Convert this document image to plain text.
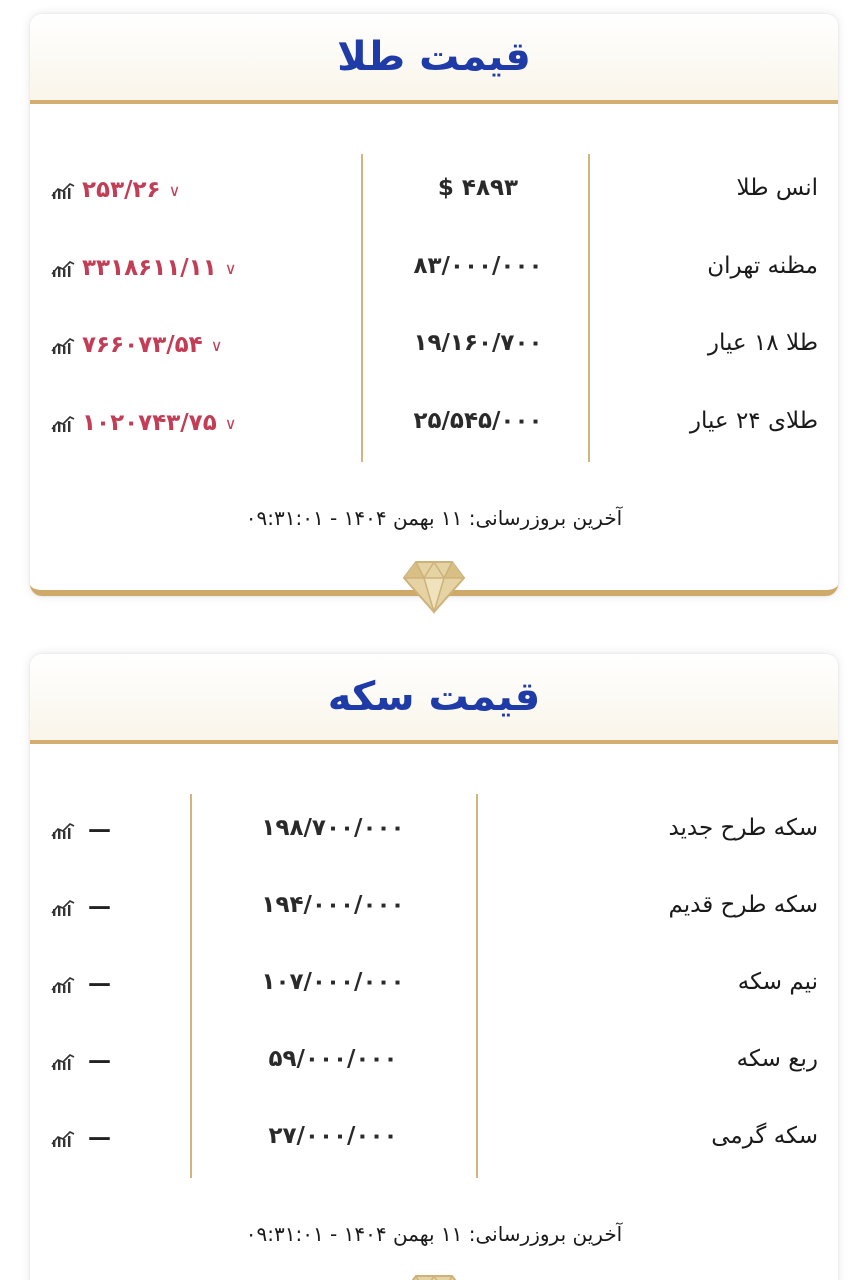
قیمت طلا
انس طلا
$ ۴۸۹۳
۲۵۳/۲۶ ∨
مظنه تهران
۸۳/۰۰۰/۰۰۰
۳۳۱۸۶۱۱/۱۱ ∨
طلا ۱۸ عیار
۱۹/۱۶۰/۷۰۰
۷۶۶۰۷۳/۵۴ ∨
طلای ۲۴ عیار
۲۵/۵۴۵/۰۰۰
۱۰۲۰۷۴۳/۷۵ ∨
آخرین بروزرسانی: ۱۱ بهمن ۱۴۰۴ - ۰۹:۳۱:۰۱
قیمت سکه
سکه طرح جدید
۱۹۸/۷۰۰/۰۰۰
—
سکه طرح قدیم
۱۹۴/۰۰۰/۰۰۰
—
نیم سکه
۱۰۷/۰۰۰/۰۰۰
—
ربع سکه
۵۹/۰۰۰/۰۰۰
—
سکه گرمی
۲۷/۰۰۰/۰۰۰
—
آخرین بروزرسانی: ۱۱ بهمن ۱۴۰۴ - ۰۹:۳۱:۰۱
